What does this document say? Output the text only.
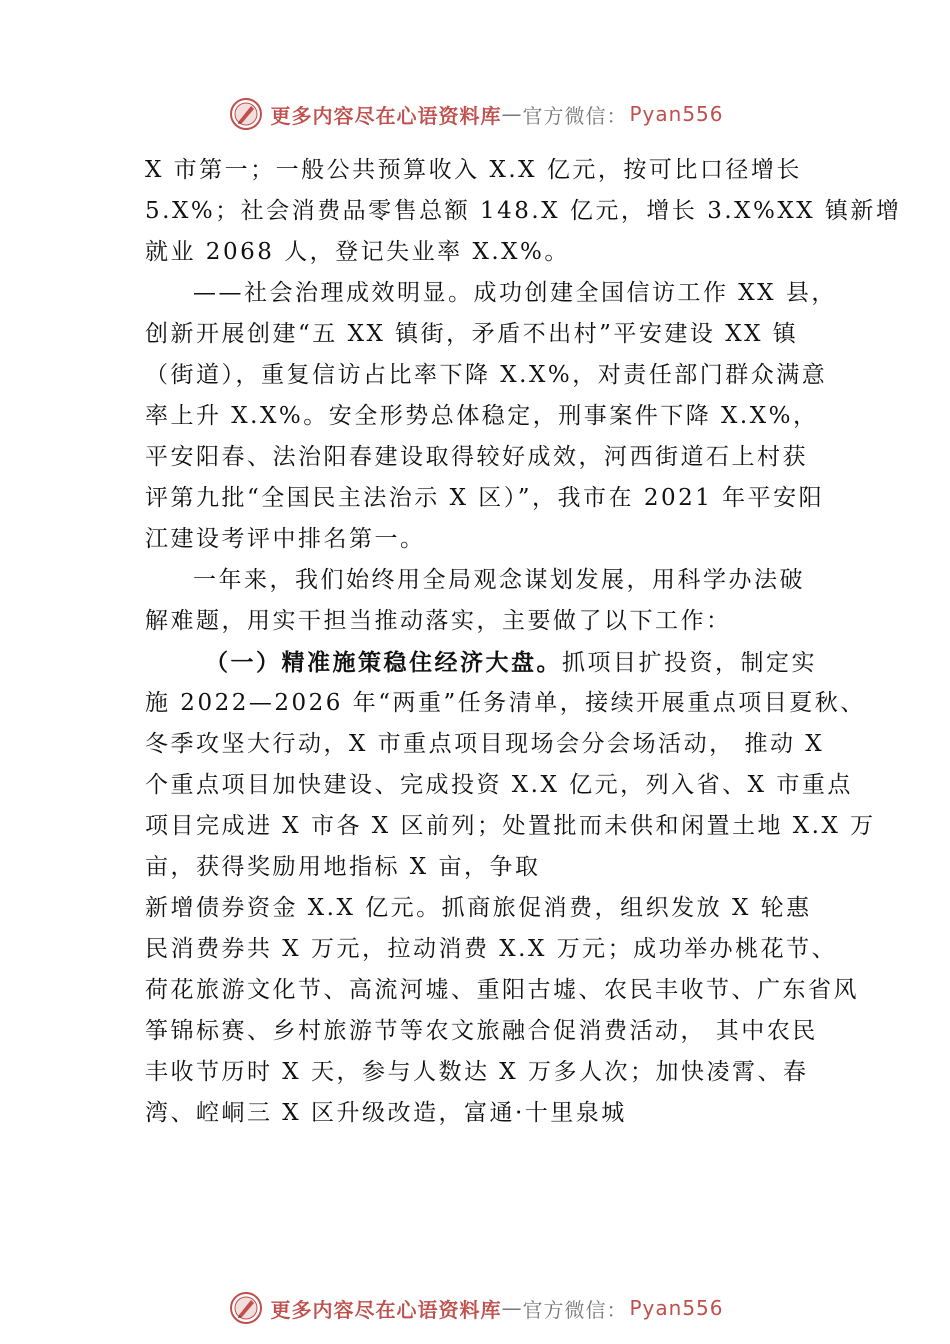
更多内容尽在心语资料库 — 官方微信： Pyan556
X 市第一；一般公共预算收入 X.X 亿元，按可比口径增长
5.X%；社会消费品零售总额 148.X 亿元，增长 3.X%XX 镇新增
就业 2068 人，登记失业率 X.X%。
——社会治理成效明显。成功创建全国信访工作 XX 县，
创新开展创建“五 XX 镇街，矛盾不出村”平安建设 XX 镇
（街道），重复信访占比率下降 X.X%，对责任部门群众满意
率上升 X.X%。安全形势总体稳定，刑事案件下降 X.X%，
平安阳春、法治阳春建设取得较好成效，河西街道石上村获
评第九批“全国民主法治示 X 区）”，我市在 2021 年平安阳
江建设考评中排名第一。
一年来，我们始终用全局观念谋划发展，用科学办法破
解难题，用实干担当推动落实，主要做了以下工作：
（一）精准施策稳住经济大盘。抓项目扩投资，制定实
施 2022—2026 年“两重”任务清单，接续开展重点项目夏秋、
冬季攻坚大行动，X 市重点项目现场会分会场活动， 推动 X
个重点项目加快建设、完成投资 X.X 亿元，列入省、X 市重点
项目完成进 X 市各 X 区前列；处置批而未供和闲置土地 X.X 万
亩，获得奖励用地指标 X 亩，争取
新增债券资金 X.X 亿元。抓商旅促消费，组织发放 X 轮惠
民消费券共 X 万元，拉动消费 X.X 万元；成功举办桃花节、
荷花旅游文化节、高流河墟、重阳古墟、农民丰收节、广东省风
筝锦标赛、乡村旅游节等农文旅融合促消费活动， 其中农民
丰收节历时 X 天，参与人数达 X 万多人次；加快凌霄、春
湾、崆峒三 X 区升级改造，富通·十里泉城
更多内容尽在心语资料库 — 官方微信： Pyan556
